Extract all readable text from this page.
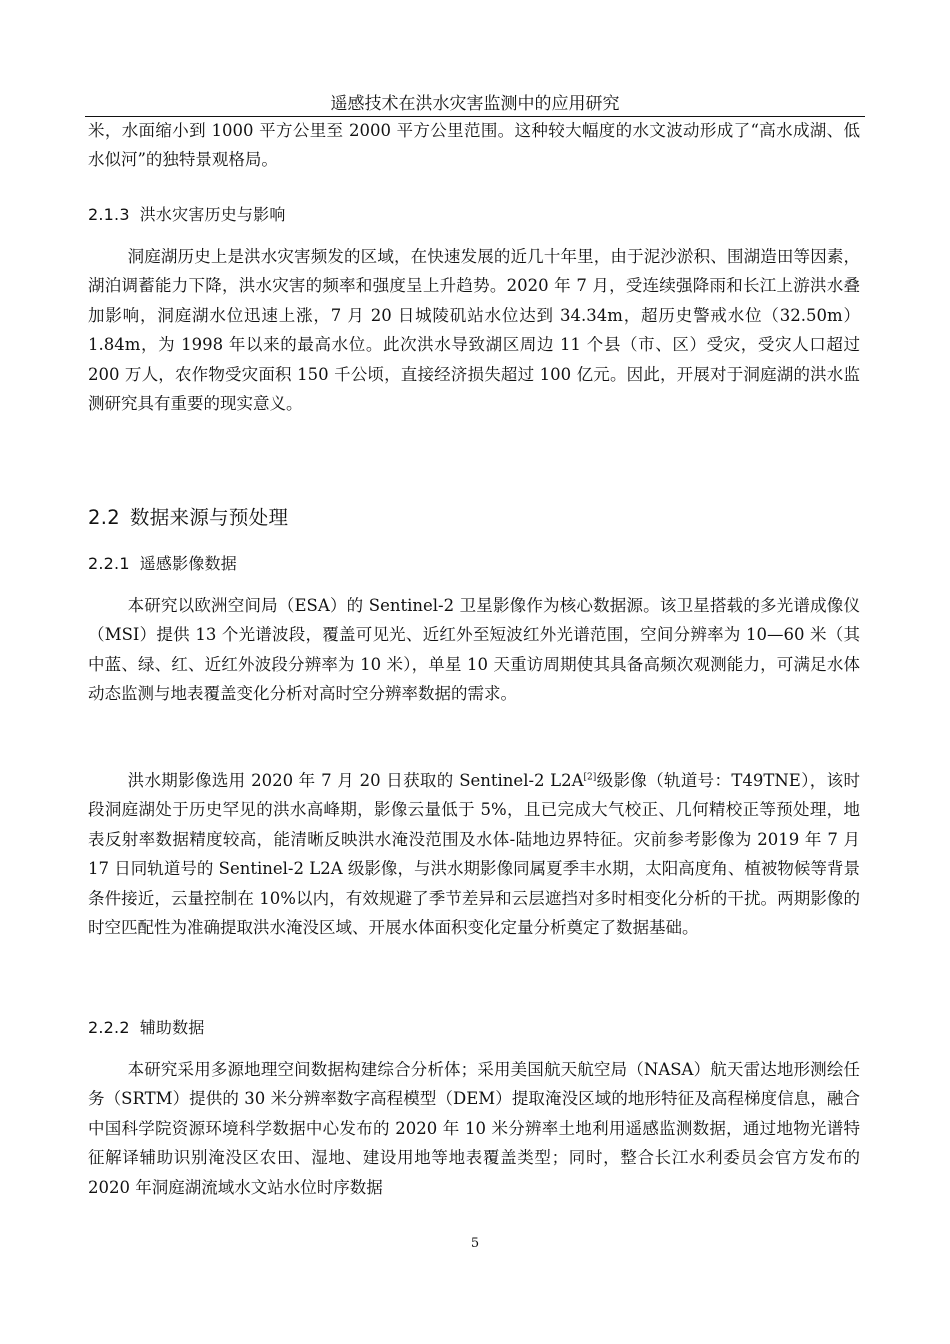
遥感技术在洪水灾害监测中的应用研究
米，水面缩小到 1000 平方公里至 2000 平方公里范围。这种较大幅度的水文波动形成了“高水成湖、低水似河”的独特景观格局。
2.1.3 洪水灾害历史与影响
洞庭湖历史上是洪水灾害频发的区域，在快速发展的近几十年里，由于泥沙淤积、围湖造田等因素，湖泊调蓄能力下降，洪水灾害的频率和强度呈上升趋势。2020 年 7 月，受连续强降雨和长江上游洪水叠加影响，洞庭湖水位迅速上涨，7 月 20 日城陵矶站水位达到 34.34m，超历史警戒水位（32.50m）1.84m，为 1998 年以来的最高水位。此次洪水导致湖区周边 11 个县（市、区）受灾，受灾人口超过 200 万人，农作物受灾面积 150 千公顷，直接经济损失超过 100 亿元。因此，开展对于洞庭湖的洪水监测研究具有重要的现实意义。
2.2 数据来源与预处理
2.2.1 遥感影像数据
本研究以欧洲空间局（ESA）的 Sentinel-2 卫星影像作为核心数据源。该卫星搭载的多光谱成像仪（MSI）提供 13 个光谱波段，覆盖可见光、近红外至短波红外光谱范围，空间分辨率为 10—60 米（其中蓝、绿、红、近红外波段分辨率为 10 米），单星 10 天重访周期使其具备高频次观测能力，可满足水体动态监测与地表覆盖变化分析对高时空分辨率数据的需求。
洪水期影像选用 2020 年 7 月 20 日获取的 Sentinel-2 L2A[2]级影像（轨道号：T49TNE），该时段洞庭湖处于历史罕见的洪水高峰期，影像云量低于 5%，且已完成大气校正、几何精校正等预处理，地表反射率数据精度较高，能清晰反映洪水淹没范围及水体-陆地边界特征。灾前参考影像为 2019 年 7 月 17 日同轨道号的 Sentinel-2 L2A 级影像，与洪水期影像同属夏季丰水期，太阳高度角、植被物候等背景条件接近，云量控制在 10%以内，有效规避了季节差异和云层遮挡对多时相变化分析的干扰。两期影像的时空匹配性为准确提取洪水淹没区域、开展水体面积变化定量分析奠定了数据基础。
2.2.2 辅助数据
本研究采用多源地理空间数据构建综合分析体；采用美国航天航空局（NASA）航天雷达地形测绘任务（SRTM）提供的 30 米分辨率数字高程模型（DEM）提取淹没区域的地形特征及高程梯度信息，融合中国科学院资源环境科学数据中心发布的 2020 年 10 米分辨率土地利用遥感监测数据，通过地物光谱特征解译辅助识别淹没区农田、湿地、建设用地等地表覆盖类型；同时，整合长江水利委员会官方发布的 2020 年洞庭湖流域水文站水位时序数据
5
